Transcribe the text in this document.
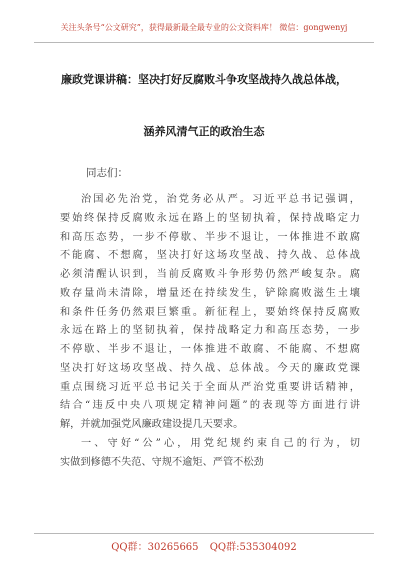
关注头条号“公文研究”，获得最新最全最专业的公文资料库！ 微信：gongwenyj
廉政党课讲稿：坚决打好反腐败斗争攻坚战持久战总体战，
涵养风清气正的政治生态
同志们：
治国必先治党，治党务必从严。习近平总书记强调，
要始终保持反腐败永远在路上的坚韧执着，保持战略定力
和高压态势，一步不停歇、半步不退让，一体推进不敢腐
不能腐、不想腐，坚决打好这场攻坚战、持久战、总体战
必须清醒认识到，当前反腐败斗争形势仍然严峻复杂。腐
败存量尚未清除，增量还在持续发生，铲除腐败滋生土壤
和条件任务仍然艰巨繁重。新征程上，要始终保持反腐败
永远在路上的坚韧执着，保持战略定力和高压态势，一步
不停歇、半步不退让，一体推进不敢腐、不能腐、不想腐
坚决打好这场攻坚战、持久战、总体战。今天的廉政党课
重点围绕习近平总书记关于全面从严治党重要讲话精神，
结合“违反中央八项规定精神问题”的表现等方面进行讲
解，并就加强党风廉政建设提几天要求。
一、守好“公”心，用党纪规约束自己的行为，切
实做到修德不失范、守规不逾矩、严管不松劲
QQ群：30265665 QQ群:535304092
